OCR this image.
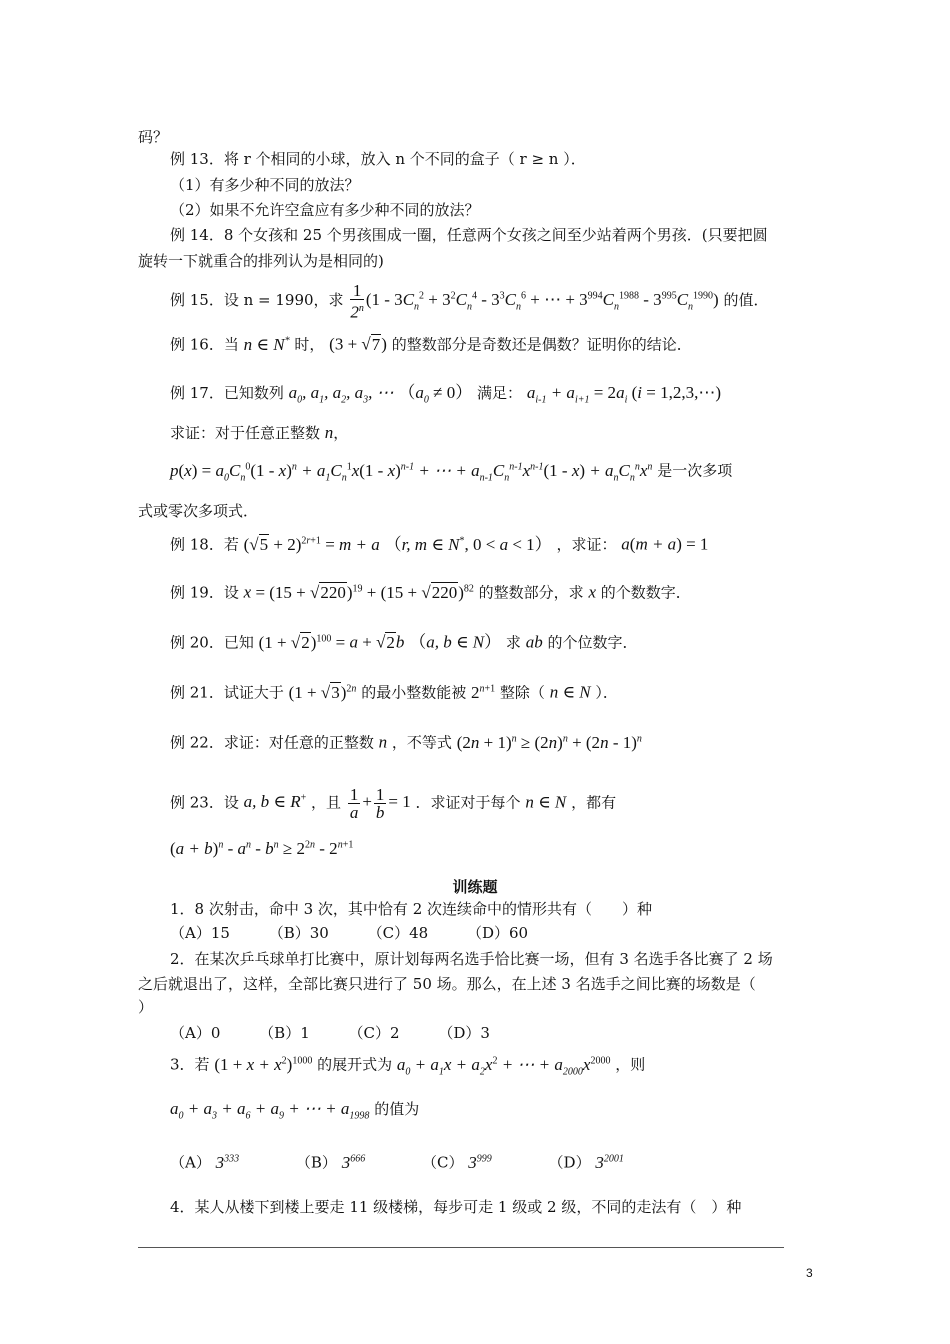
码？
例 13．将 r 个相同的小球，放入 n 个不同的盒子（ r ≥ n ）．
（1）有多少种不同的放法？
（2）如果不允许空盒应有多少种不同的放法？
例 14．8 个女孩和 25 个男孩围成一圈，任意两个女孩之间至少站着两个男孩．(只要把圆
旋转一下就重合的排列认为是相同的)
例 15．设 n = 1990，求 $\frac{1}{2^n} (1 - 3C_n^2 + 3^2C_n^4 - 3^3C_n^6$ + ⋯ + $3^{994}C_n^{1988} - 3^{995}C_n^{1990}$) 的值．
例 16．当 n ∈ N* 时， (3 + √7) 的整数部分是奇数还是偶数？证明你的结论．
例 17．已知数列 $a_0$, $a_1$, $a_2$, $a_3$, ⋯ $(a_0 \ne 0)$ 满足： $a_{i-1} + a_{i+1} = 2a_i$ (i = 1,2,3,⋯)
求证：对于任意正整数 n，
$p(x) = a_0C_n^0(1 - x)^n + a_1C_n^1x(1 - x)^{n-1}$ + ⋯ + $a_{n-1}C_n^{n-1}x^{n-1}(1 - x) + a_nC_n^nx^n$ 是一次多项
式或零次多项式．
例 18．若 $(√5 + 2)^{2r+1} = m + a$ （r, m ∈ N*, 0 < a < 1） ，求证： a(m + a) = 1
例 19．设 $x = (15 + √220)^{19} + (15 + √220)^{82}$ 的整数部分，求 x 的个数数字．
例 20．已知 $(1 + √2)^{100} = a + √2b$ （a, b ∈ N） 求 ab 的个位数字．
例 21．试证大于 $(1 + √3)^{2n}$ 的最小整数能被 $2^{n+1}$ 整除（ n ∈ N ）．
例 22．求证：对任意的正整数 n ，不等式 $(2n + 1)^n \ge (2n)^n + (2n - 1)^n$
例 23．设 a, b ∈ R+ ，且 $\frac{1}{a} + \frac{1}{b} = 1$ ．求证对于每个 n ∈ N ，都有
$(a + b)^n - a^n - b^n \ge 2^{2n} - 2^{n+1}$
训练题
1．8 次射击，命中 3 次，其中恰有 2 次连续命中的情形共有（　　）种
（A）15	（B）30	（C）48	（D）60
2．在某次乒乓球单打比赛中，原计划每两名选手恰比赛一场，但有 3 名选手各比赛了 2 场
之后就退出了，这样，全部比赛只进行了 50 场。那么，在上述 3 名选手之间比赛的场数是（
）
（A）0	（B）1	（C）2	（D）3
3．若 $(1 + x + x^2)^{1000}$ 的展开式为 $a_0 + a_1x + a_2x^2$ + ⋯ + $a_{2000}x^{2000}$ ，则
$a_0 + a_3 + a_6 + a_9$ + ⋯ + $a_{1998}$ 的值为
（A） $3^{333}$	（B） $3^{666}$	（C） $3^{999}$	（D） $3^{2001}$
4．某人从楼下到楼上要走 11 级楼梯，每步可走 1 级或 2 级，不同的走法有（　）种
3
